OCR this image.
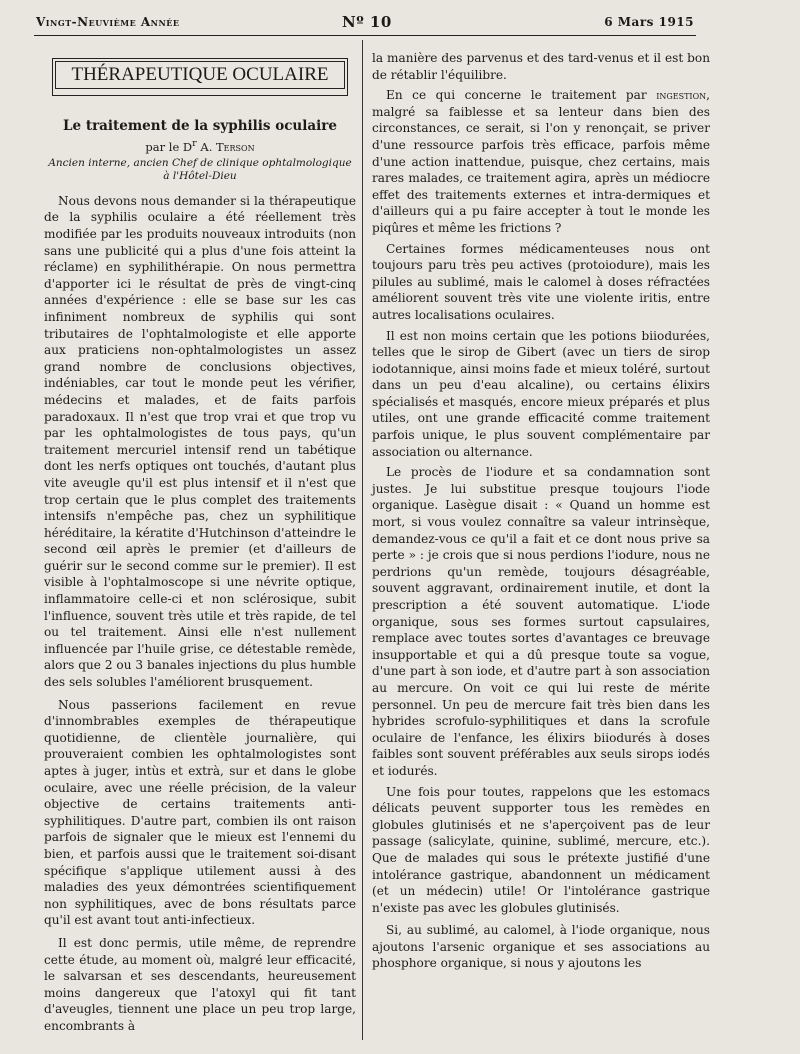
Vingt-Neuvième Année	Nº 10	6 Mars 1915
THÉRAPEUTIQUE OCULAIRE
Le traitement de la syphilis oculaire
par le $D^r$ A. Terson
Ancien interne, ancien Chef de clinique ophtalmologique
à l'Hôtel-Dieu

Nous devons nous demander si la thérapeutique de la syphilis oculaire a été réellement très modifiée par les produits nouveaux introduits (non sans une publicité qui a plus d'une fois atteint la réclame) en syphilithérapie. On nous permettra d'apporter ici le résultat de près de vingt-cinq années d'expérience : elle se base sur les cas infiniment nombreux de syphilis qui sont tributaires de l'ophtalmologiste et elle apporte aux praticiens non-ophtalmologistes un assez grand nombre de conclusions objectives, indéniables, car tout le monde peut les vérifier, médecins et malades, et de faits parfois paradoxaux. Il n'est que trop vrai et que trop vu par les ophtalmologistes de tous pays, qu'un traitement mercuriel intensif rend un tabétique dont les nerfs optiques ont touchés, d'autant plus vite aveugle qu'il est plus intensif et il n'est que trop certain que le plus complet des traitements intensifs n'empêche pas, chez un syphilitique héréditaire, la kératite d'Hutchinson d'atteindre le second œil après le premier (et d'ailleurs de guérir sur le second comme sur le premier). Il est visible à l'ophtalmoscope si une névrite optique, inflammatoire celle-ci et non sclérosique, subit l'influence, souvent très utile et très rapide, de tel ou tel traitement. Ainsi elle n'est nullement influencée par l'huile grise, ce détestable remède, alors que 2 ou 3 banales injections du plus humble des sels solubles l'améliorent brusquement.

Nous passerions facilement en revue d'innombrables exemples de thérapeutique quotidienne, de clientèle journalière, qui prouveraient combien les ophtalmologistes sont aptes à juger, intùs et extrà, sur et dans le globe oculaire, avec une réelle précision, de la valeur objective de certains traitements anti-syphilitiques. D'autre part, combien ils ont raison parfois de signaler que le mieux est l'ennemi du bien, et parfois aussi que le traitement soi-disant spécifique s'applique utilement aussi à des maladies des yeux démontrées scientifiquement non syphilitiques, avec de bons résultats parce qu'il est avant tout anti-infectieux.

Il est donc permis, utile même, de reprendre cette étude, au moment où, malgré leur efficacité, le salvarsan et ses descendants, heureusement moins dangereux que l'atoxyl qui fit tant d'aveugles, tiennent une place un peu trop large, encombrants à

la manière des parvenus et des tard-venus et il est bon de rétablir l'équilibre.

En ce qui concerne le traitement par ingestion, malgré sa faiblesse et sa lenteur dans bien des circonstances, ce serait, si l'on y renonçait, se priver d'une ressource parfois très efficace, parfois même d'une action inattendue, puisque, chez certains, mais rares malades, ce traitement agira, après un médiocre effet des traitements externes et intra-dermiques et d'ailleurs qui a pu faire accepter à tout le monde les piqûres et même les frictions ?

Certaines formes médicamenteuses nous ont toujours paru très peu actives (protoiodure), mais les pilules au sublimé, mais le calomel à doses réfractées améliorent souvent très vite une violente iritis, entre autres localisations oculaires.

Il est non moins certain que les potions biiodurées, telles que le sirop de Gibert (avec un tiers de sirop iodotannique, ainsi moins fade et mieux toléré, surtout dans un peu d'eau alcaline), ou certains élixirs spécialisés et masqués, encore mieux préparés et plus utiles, ont une grande efficacité comme traitement parfois unique, le plus souvent complémentaire par association ou alternance.

Le procès de l'iodure et sa condamnation sont justes. Je lui substitue presque toujours l'iode organique. Lasègue disait : « Quand un homme est mort, si vous voulez connaître sa valeur intrinsèque, demandez-vous ce qu'il a fait et ce dont nous prive sa perte » : je crois que si nous perdions l'iodure, nous ne perdrions qu'un remède, toujours désagréable, souvent aggravant, ordinairement inutile, et dont la prescription a été souvent automatique. L'iode organique, sous ses formes surtout capsulaires, remplace avec toutes sortes d'avantages ce breuvage insupportable et qui a dû presque toute sa vogue, d'une part à son iode, et d'autre part à son association au mercure. On voit ce qui lui reste de mérite personnel. Un peu de mercure fait très bien dans les hybrides scrofulo-syphilitiques et dans la scrofule oculaire de l'enfance, les élixirs biiodurés à doses faibles sont souvent préférables aux seuls sirops iodés et iodurés.

Une fois pour toutes, rappelons que les estomacs délicats peuvent supporter tous les remèdes en globules glutinisés et ne s'aperçoivent pas de leur passage (salicylate, quinine, sublimé, mercure, etc.). Que de malades qui sous le prétexte justifié d'une intolérance gastrique, abandonnent un médicament (et un médecin) utile! Or l'intolérance gastrique n'existe pas avec les globules glutinisés.

Si, au sublimé, au calomel, à l'iode organique, nous ajoutons l'arsenic organique et ses associations au phosphore organique, si nous y ajoutons les
